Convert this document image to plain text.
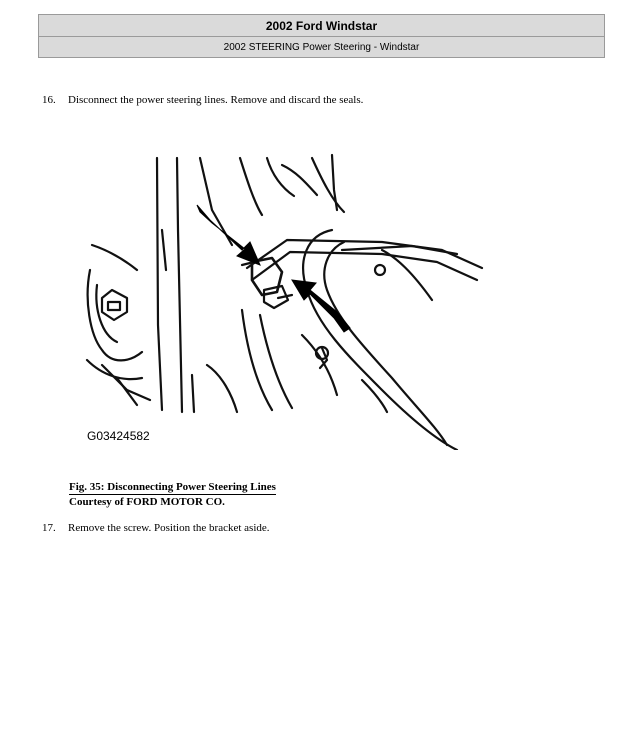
2002 Ford Windstar
2002 STEERING Power Steering - Windstar
16. Disconnect the power steering lines. Remove and discard the seals.
G03424582
Fig. 35: Disconnecting Power Steering Lines
Courtesy of FORD MOTOR CO.
17. Remove the screw. Position the bracket aside.
